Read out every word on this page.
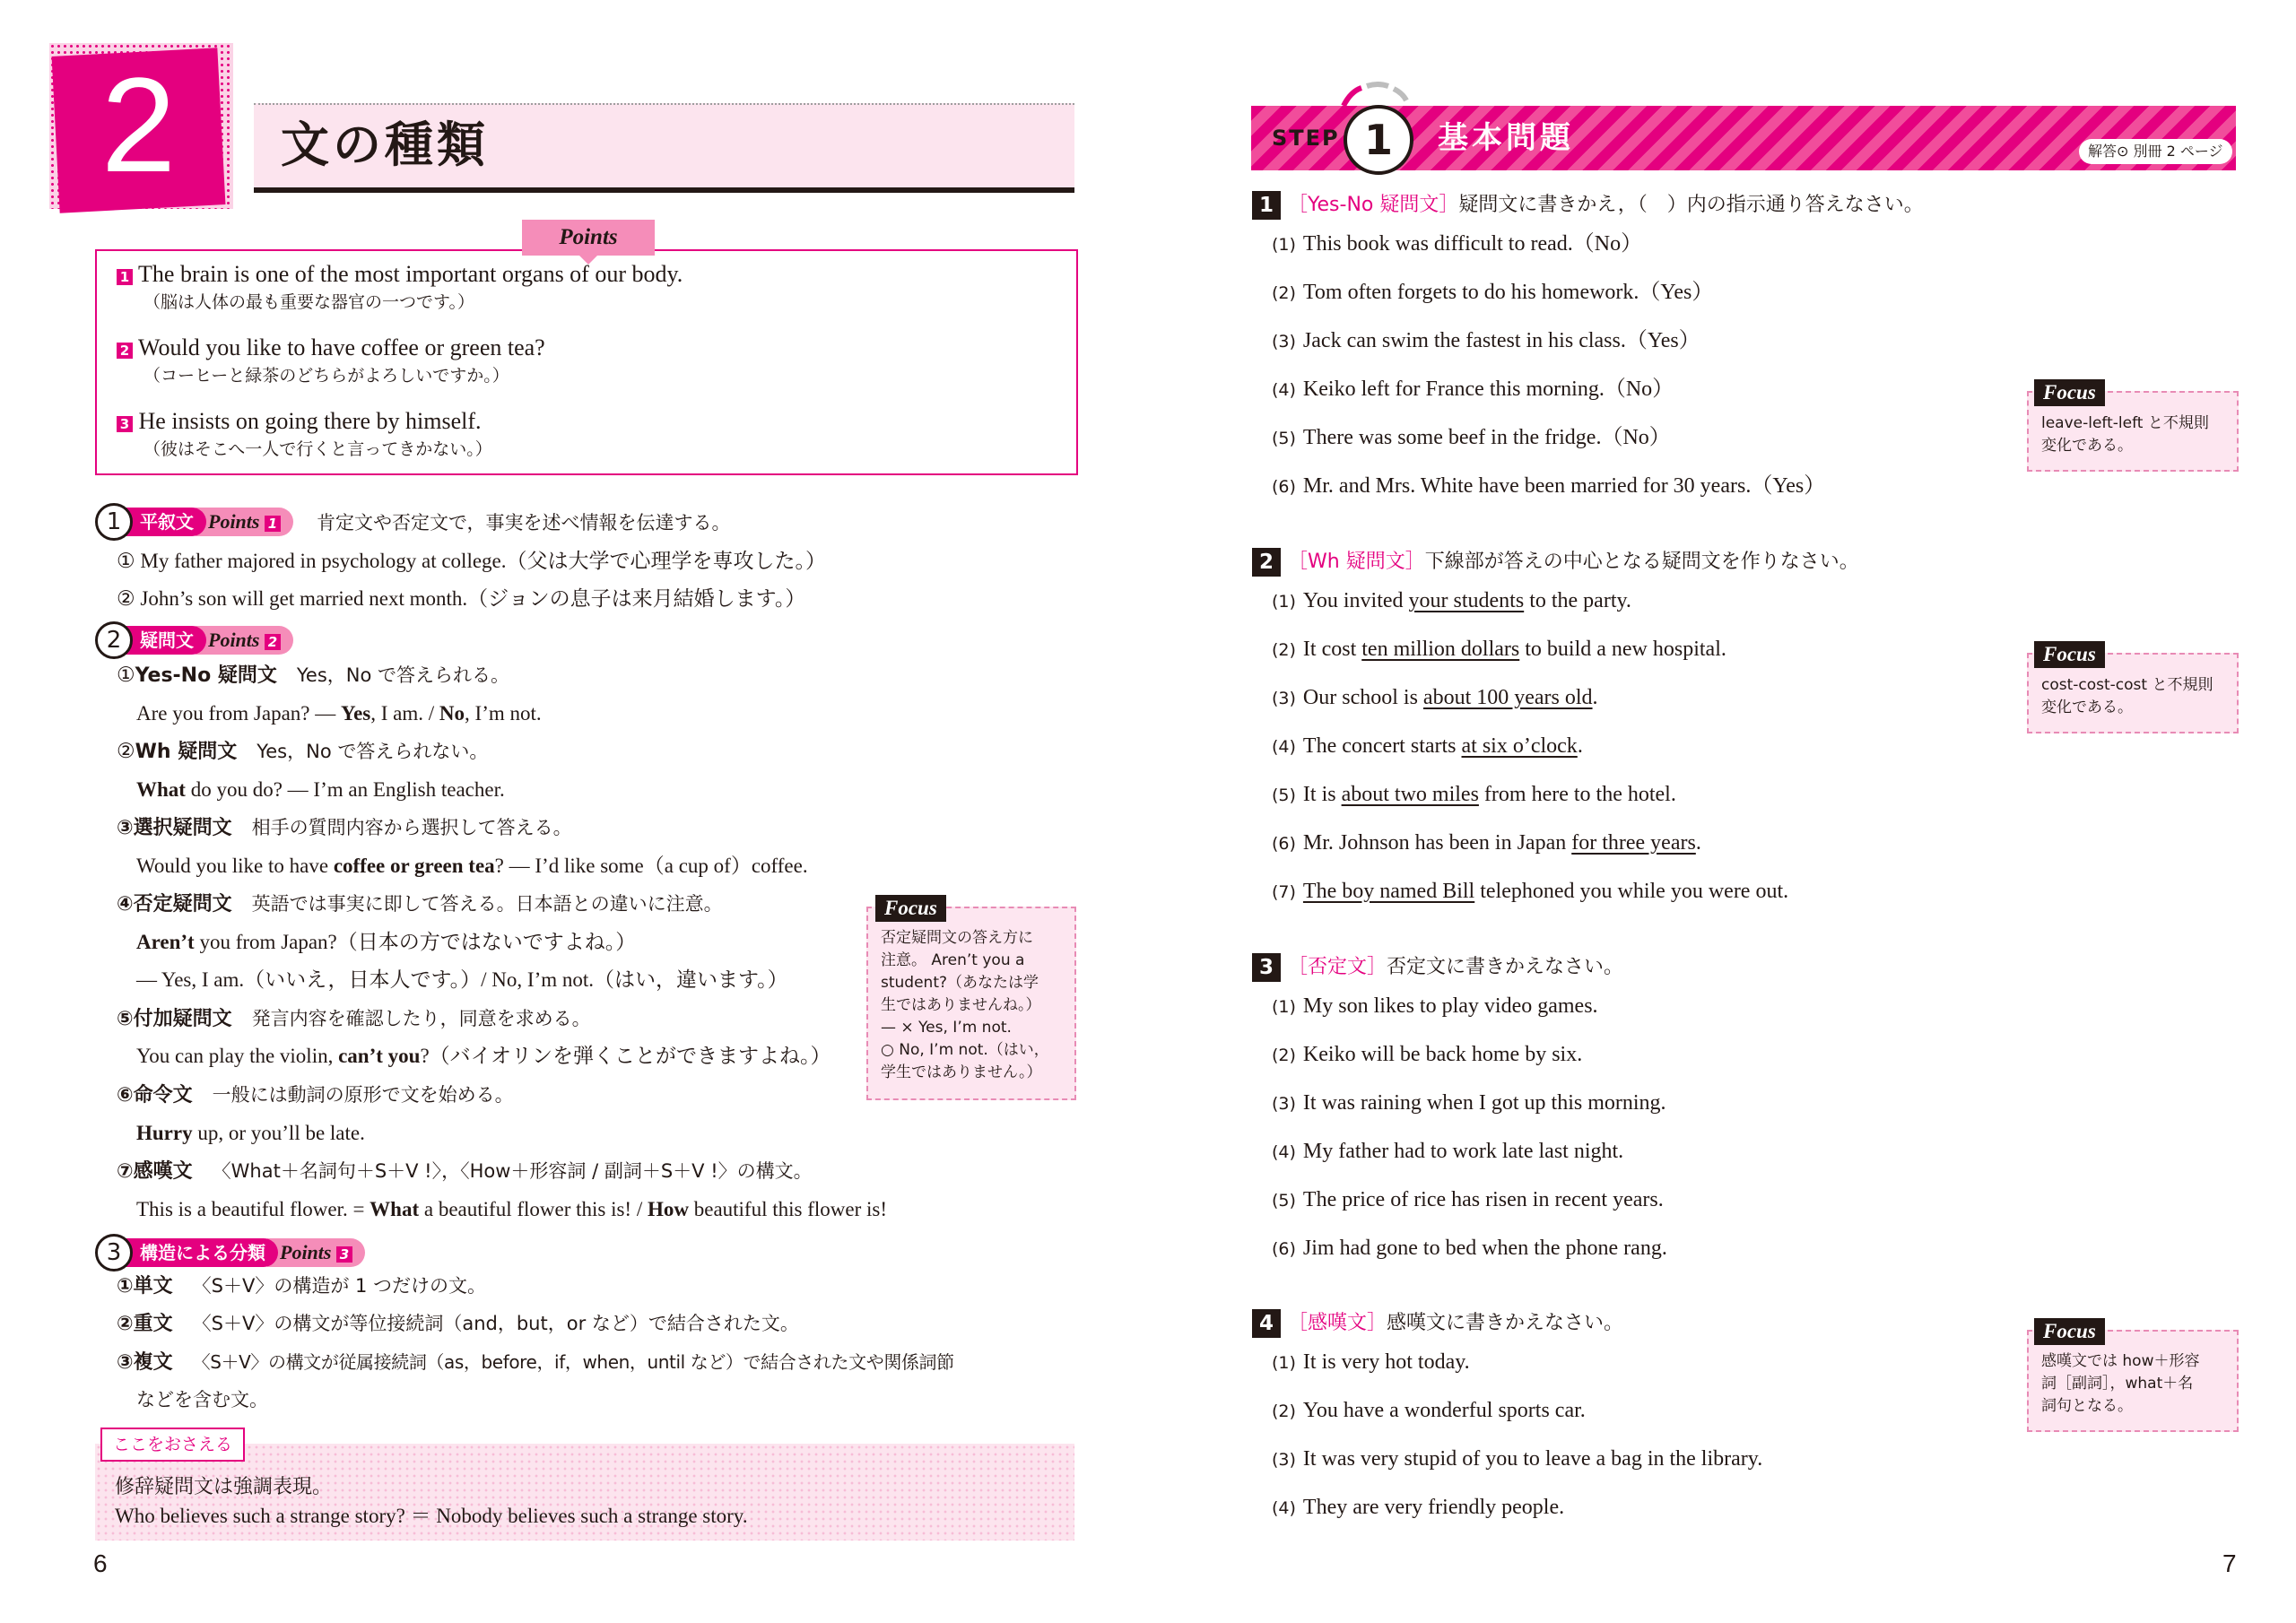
2	文の種類
Points
1 The brain is one of the most important organs of our body.
（脳は人体の最も重要な器官の一つです。）
2 Would you like to have coffee or green tea?
（コーヒーと緑茶のどちらがよろしいですか。）
3 He insists on going there by himself.
（彼はそこへ一人で行くと言ってきかない。）
1	平叙文 Points 1	肯定文や否定文で，事実を述べ情報を伝達する。
① My father majored in psychology at college.（父は大学で心理学を専攻した。）
② John’s son will get married next month.（ジョンの息子は来月結婚します。）
2	疑問文 Points 2
①Yes-No 疑問文 Yes，No で答えられる。
Are you from Japan? — Yes, I am. / No, I’m not.
②Wh 疑問文 Yes，No で答えられない。
What do you do? — I’m an English teacher.
③選択疑問文 相手の質問内容から選択して答える。
Would you like to have coffee or green tea? — I’d like some（a cup of）coffee.
④否定疑問文 英語では事実に即して答える。日本語との違いに注意。
Aren’t you from Japan?（日本の方ではないですよね。）
— Yes, I am.（いいえ，日本人です。）/ No, I’m not.（はい，違います。）
⑤付加疑問文 発言内容を確認したり，同意を求める。
You can play the violin, can’t you?（バイオリンを弾くことができますよね。）
⑥命令文 一般には動詞の原形で文を始める。
Hurry up, or you’ll be late.
⑦感嘆文 〈What＋名詞句＋S＋V !〉，〈How＋形容詞 / 副詞＋S＋V !〉の構文。
This is a beautiful flower. = What a beautiful flower this is! / How beautiful this flower is!
3	構造による分類 Points 3
①単文 〈S＋V〉の構造が 1 つだけの文。
②重文 〈S＋V〉の構文が等位接続詞（and，but，or など）で結合された文。
③複文 〈S＋V〉の構文が従属接続詞（as，before，if，when，until など）で結合された文や関係詞節
などを含む文。
Focus
否定疑問文の答え方に
注意。 Aren’t you a
student?（あなたは学
生ではありませんね。）
— × Yes, I’m not.
○ No, I’m not.（はい，
学生ではありません。）
ここをおさえる
修辞疑問文は強調表現。
Who believes such a strange story? ＝ Nobody believes such a strange story.
6
STEP 1	基本問題	解答⊙ 別冊 2 ページ
1 ［Yes-No 疑問文］ 疑問文に書きかえ，（　）内の指示通り答えなさい。
(1) This book was difficult to read.（No）
(2) Tom often forgets to do his homework.（Yes）
(3) Jack can swim the fastest in his class.（Yes）
(4) Keiko left for France this morning.（No）
(5) There was some beef in the fridge.（No）
(6) Mr. and Mrs. White have been married for 30 years.（Yes）
2 ［Wh 疑問文］ 下線部が答えの中心となる疑問文を作りなさい。
(1) You invited your students to the party.
(2) It cost ten million dollars to build a new hospital.
(3) Our school is about 100 years old.
(4) The concert starts at six o’clock.
(5) It is about two miles from here to the hotel.
(6) Mr. Johnson has been in Japan for three years.
(7) The boy named Bill telephoned you while you were out.
3 ［否定文］ 否定文に書きかえなさい。
(1) My son likes to play video games.
(2) Keiko will be back home by six.
(3) It was raining when I got up this morning.
(4) My father had to work late last night.
(5) The price of rice has risen in recent years.
(6) Jim had gone to bed when the phone rang.
4 ［感嘆文］ 感嘆文に書きかえなさい。
(1) It is very hot today.
(2) You have a wonderful sports car.
(3) It was very stupid of you to leave a bag in the library.
(4) They are very friendly people.
Focus
leave-left-left と不規則
変化である。
Focus
cost-cost-cost と不規則
変化である。
Focus
感嘆文では how＋形容
詞［副詞］，what＋名
詞句となる。
7
